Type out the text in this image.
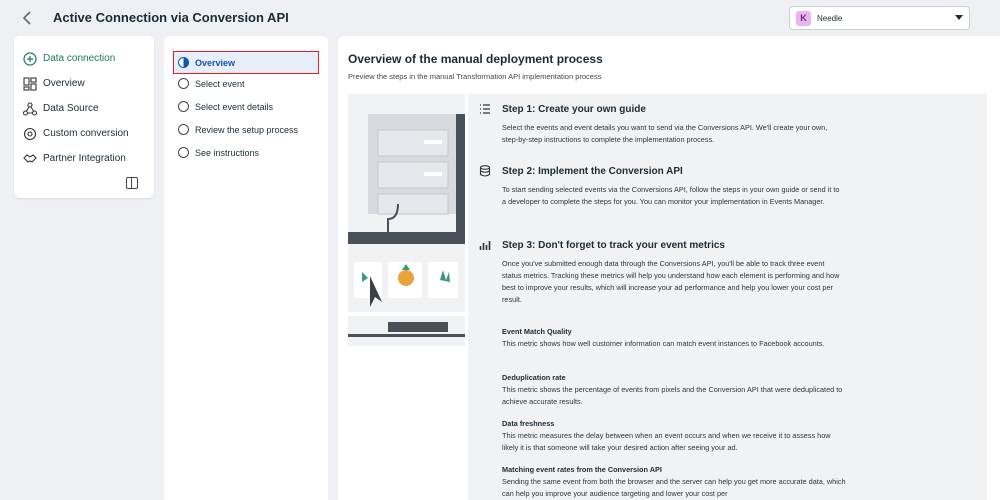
Active Connection via Conversion API	K	Needle
Data connection
Overview
Data Source
Custom conversion
Partner Integration
Overview
Select event
Select event details
Review the setup process
See instructions
Overview of the manual deployment process
Preview the steps in the manual Transformation API implementation process
Step 1: Create your own guide
Select the events and event details you want to send via the Conversions API. We'll create your own, step-by-step instructions to complete the implementation process.
Step 2: Implement the Conversion API
To start sending selected events via the Conversions API, follow the steps in your own guide or send it to a developer to complete the steps for you. You can monitor your implementation in Events Manager.
Step 3: Don't forget to track your event metrics
Once you've submitted enough data through the Conversions API, you'll be able to track three event status metrics. Tracking these metrics will help you understand how each element is performing and how best to improve your results, which will increase your ad performance and help you lower your cost per result.
Event Match Quality
This metric shows how well customer information can match event instances to Facebook accounts.
Deduplication rate
This metric shows the percentage of events from pixels and the Conversion API that were deduplicated to achieve accurate results.
Data freshness
This metric measures the delay between when an event occurs and when we receive it to assess how likely it is that someone will take your desired action after seeing your ad.
Matching event rates from the Conversion API
Sending the same event from both the browser and the server can help you get more accurate data, which can help you improve your audience targeting and lower your cost per
